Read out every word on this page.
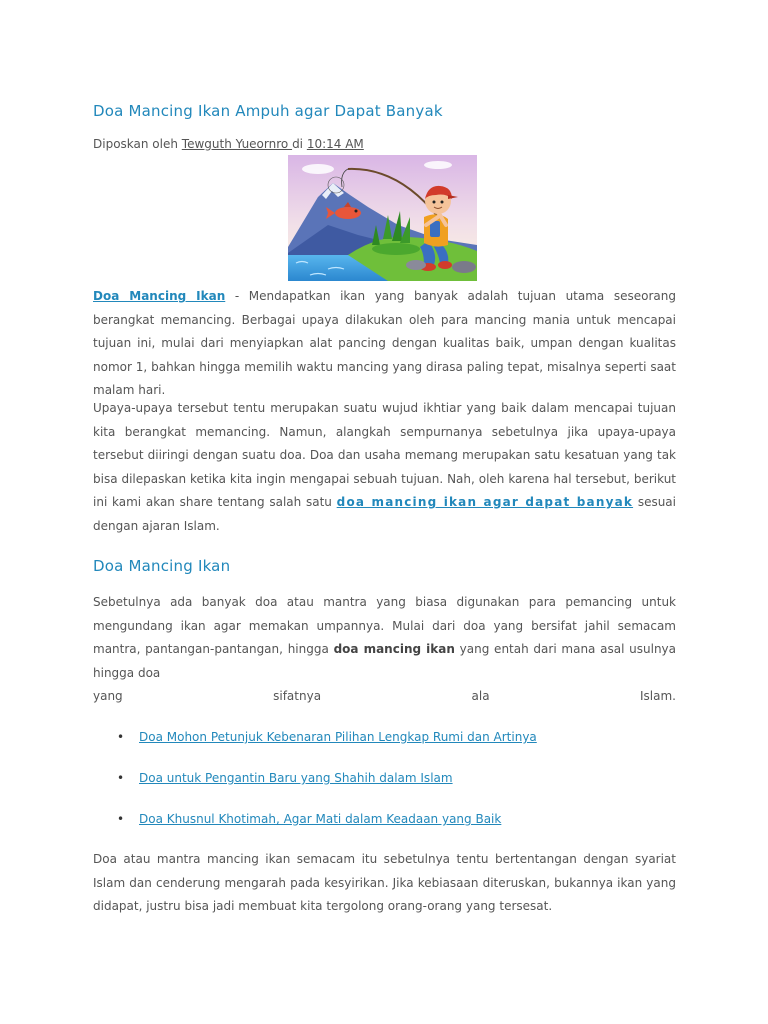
Doa Mancing Ikan Ampuh agar Dapat Banyak
Diposkan oleh Tewguth Yueornro di 10:14 AM

Doa Mancing Ikan - Mendapatkan ikan yang banyak adalah tujuan utama seseorang berangkat memancing. Berbagai upaya dilakukan oleh para mancing mania untuk mencapai tujuan ini, mulai dari menyiapkan alat pancing dengan kualitas baik, umpan dengan kualitas nomor 1, bahkan hingga memilih waktu mancing yang dirasa paling tepat, misalnya seperti saat malam hari.

Upaya-upaya tersebut tentu merupakan suatu wujud ikhtiar yang baik dalam mencapai tujuan kita berangkat memancing. Namun, alangkah sempurnanya sebetulnya jika upaya-upaya tersebut diiringi dengan suatu doa. Doa dan usaha memang merupakan satu kesatuan yang tak bisa dilepaskan ketika kita ingin mengapai sebuah tujuan. Nah, oleh karena hal tersebut, berikut ini kami akan share tentang salah satu doa mancing ikan agar dapat banyak sesuai dengan ajaran Islam.

Doa Mancing Ikan
Sebetulnya ada banyak doa atau mantra yang biasa digunakan para pemancing untuk mengundang ikan agar memakan umpannya. Mulai dari doa yang bersifat jahil semacam mantra, pantangan-pantangan, hingga doa mancing ikan yang entah dari mana asal usulnya hingga doa
yang	sifatnya	ala	Islam.
• Doa Mohon Petunjuk Kebenaran Pilihan Lengkap Rumi dan Artinya
• Doa untuk Pengantin Baru yang Shahih dalam Islam
• Doa Khusnul Khotimah, Agar Mati dalam Keadaan yang Baik

Doa atau mantra mancing ikan semacam itu sebetulnya tentu bertentangan dengan syariat Islam dan cenderung mengarah pada kesyirikan. Jika kebiasaan diteruskan, bukannya ikan yang didapat, justru bisa jadi membuat kita tergolong orang-orang yang tersesat.
